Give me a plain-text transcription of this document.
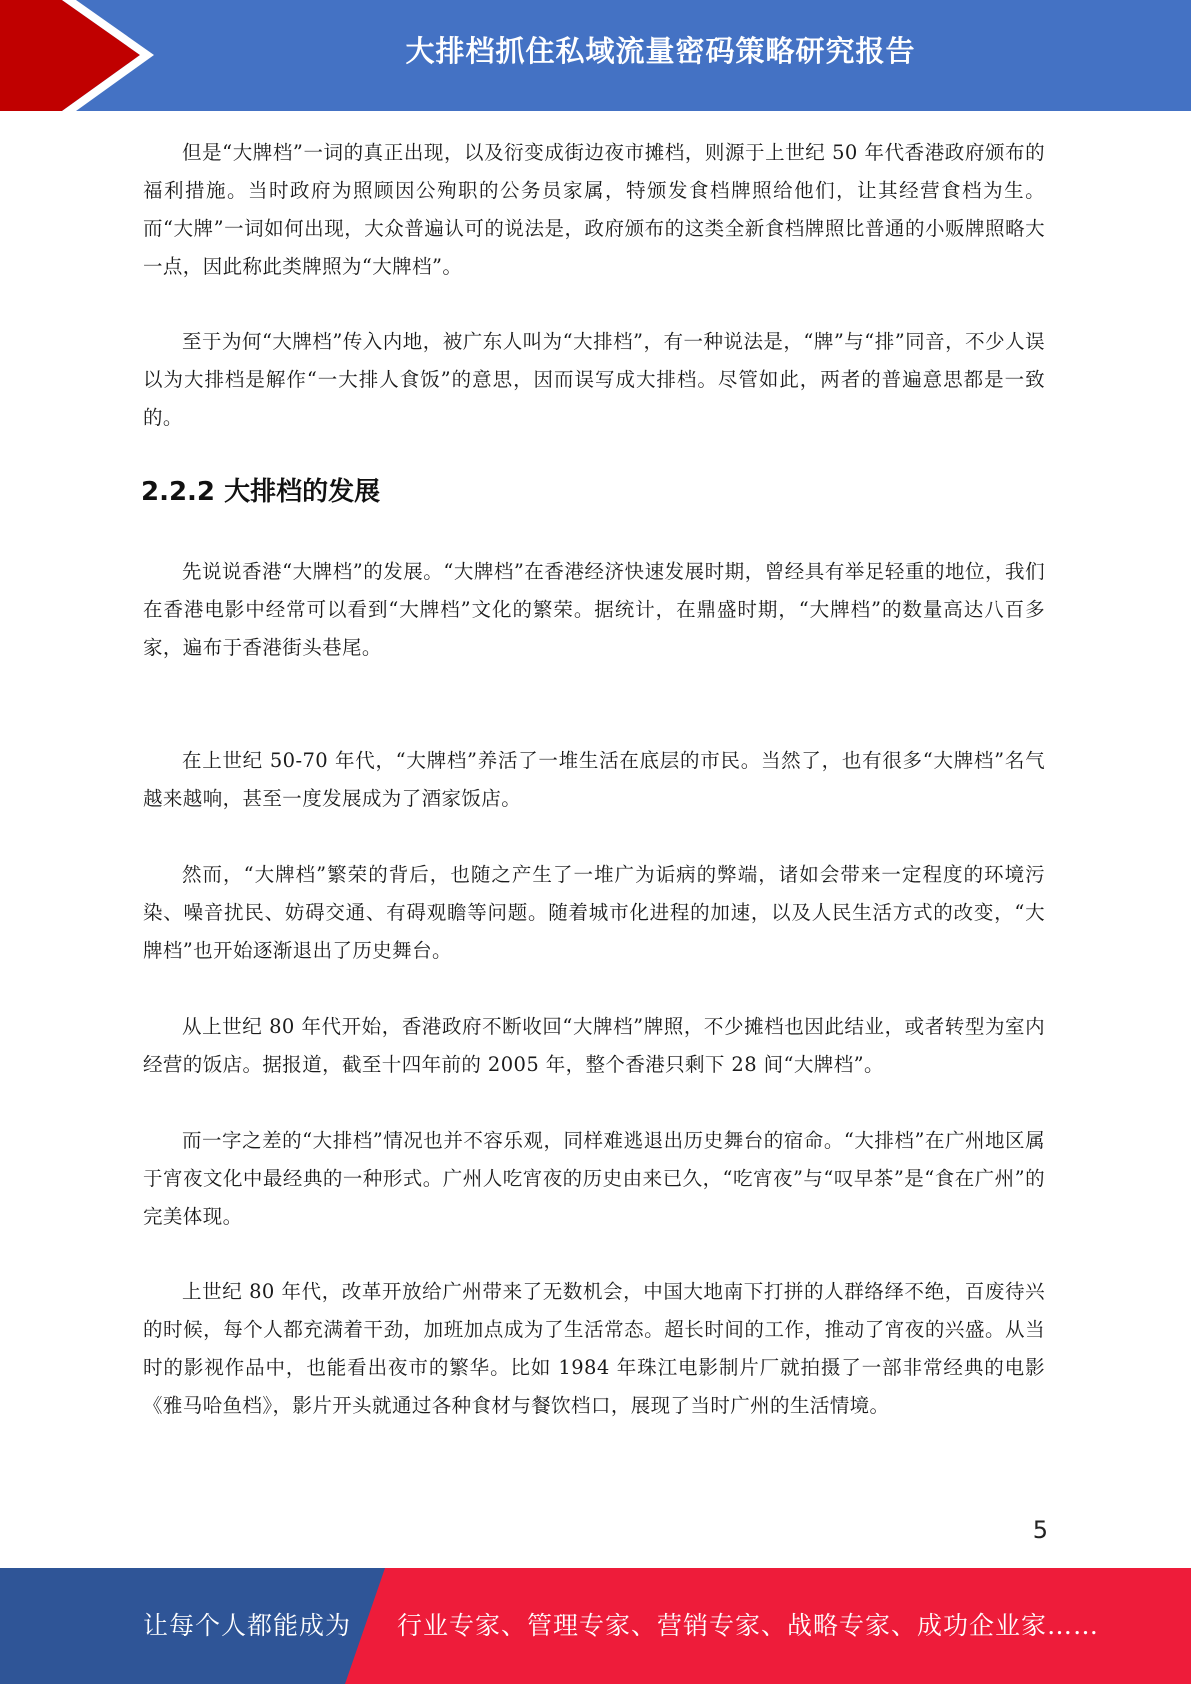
大排档抓住私域流量密码策略研究报告

但是“大牌档”一词的真正出现，以及衍变成街边夜市摊档，则源于上世纪 50 年代香港政府颁布的福利措施。当时政府为照顾因公殉职的公务员家属，特颁发食档牌照给他们，让其经营食档为生。而“大牌”一词如何出现，大众普遍认可的说法是，政府颁布的这类全新食档牌照比普通的小贩牌照略大一点，因此称此类牌照为“大牌档”。

至于为何“大牌档”传入内地，被广东人叫为“大排档”，有一种说法是，“牌”与“排”同音，不少人误以为大排档是解作“一大排人食饭”的意思，因而误写成大排档。尽管如此，两者的普遍意思都是一致的。

2.2.2 大排档的发展

先说说香港“大牌档”的发展。“大牌档”在香港经济快速发展时期，曾经具有举足轻重的地位，我们在香港电影中经常可以看到“大牌档”文化的繁荣。据统计，在鼎盛时期，“大牌档”的数量高达八百多家，遍布于香港街头巷尾。

在上世纪 50-70 年代，“大牌档”养活了一堆生活在底层的市民。当然了，也有很多“大牌档”名气越来越响，甚至一度发展成为了酒家饭店。

然而，“大牌档”繁荣的背后，也随之产生了一堆广为诟病的弊端，诸如会带来一定程度的环境污染、噪音扰民、妨碍交通、有碍观瞻等问题。随着城市化进程的加速，以及人民生活方式的改变，“大牌档”也开始逐渐退出了历史舞台。

从上世纪 80 年代开始，香港政府不断收回“大牌档”牌照，不少摊档也因此结业，或者转型为室内经营的饭店。据报道，截至十四年前的 2005 年，整个香港只剩下 28 间“大牌档”。

而一字之差的“大排档”情况也并不容乐观，同样难逃退出历史舞台的宿命。“大排档”在广州地区属于宵夜文化中最经典的一种形式。广州人吃宵夜的历史由来已久，“吃宵夜”与“叹早茶”是“食在广州”的完美体现。

上世纪 80 年代，改革开放给广州带来了无数机会，中国大地南下打拼的人群络绎不绝，百废待兴的时候，每个人都充满着干劲，加班加点成为了生活常态。超长时间的工作，推动了宵夜的兴盛。从当时的影视作品中，也能看出夜市的繁华。比如 1984 年珠江电影制片厂就拍摄了一部非常经典的电影《雅马哈鱼档》，影片开头就通过各种食材与餐饮档口，展现了当时广州的生活情境。

5
让每个人都能成为 行业专家、管理专家、营销专家、战略专家、成功企业家……
